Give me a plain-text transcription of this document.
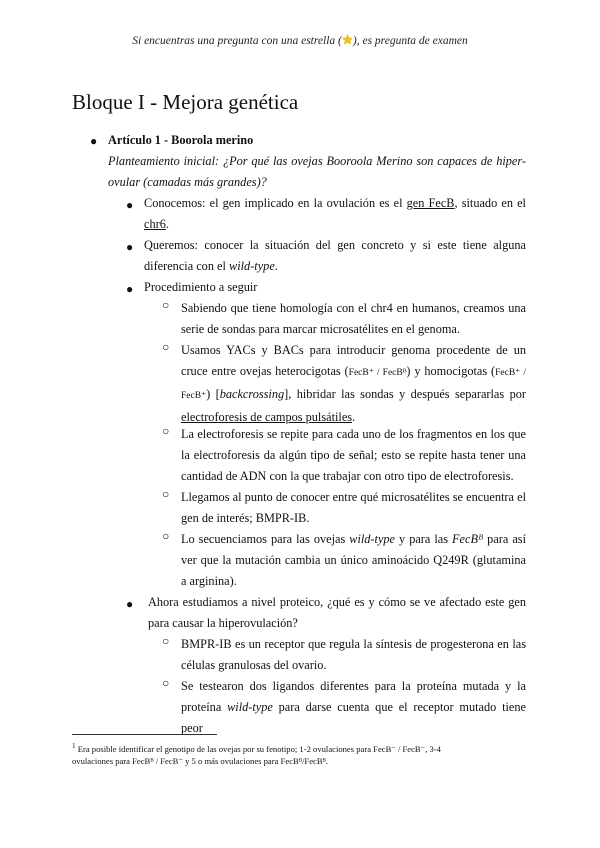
Si encuentras una pregunta con una estrella ( ), es pregunta de examen
Bloque I - Mejora genética
● Artículo 1 - Boorola merino
Planteamiento inicial: ¿Por qué las ovejas Booroola Merino son capaces de hiper-ovular (camadas más grandes)?
● Conocemos: el gen implicado en la ovulación es el gen FecB, situado en el chr6.
● Queremos: conocer la situación del gen concreto y si este tiene alguna diferencia con el wild-type.
● Procedimiento a seguir
○ Sabiendo que tiene homología con el chr4 en humanos, creamos una serie de sondas para marcar microsatélites en el genoma.
○ Usamos YACs y BACs para introducir genoma procedente de un cruce entre ovejas heterocigotas (FecB⁺ / FecBᴮ) y homocigotas (FecB⁺ / FecB⁺) [backcrossing], hibridar las sondas y después separarlas por electroforesis de campos pulsátiles.
○ La electroforesis se repite para cada uno de los fragmentos en los que la electroforesis da algún tipo de señal; esto se repite hasta tener una cantidad de ADN con la que trabajar con otro tipo de electroforesis.
○ Llegamos al punto de conocer entre qué microsatélites se encuentra el gen de interés; BMPR-IB.
○ Lo secuenciamos para las ovejas wild-type y para las FecBᴮ para así ver que la mutación cambia un único aminoácido Q249R (glutamina a arginina).
● Ahora estudiamos a nivel proteico, ¿qué es y cómo se ve afectado este gen para causar la hiperovulación?
○ BMPR-IB es un receptor que regula la síntesis de progesterona en las células granulosas del ovario.
○ Se testearon dos ligandos diferentes para la proteína mutada y la proteína wild-type para darse cuenta que el receptor mutado tiene peor
$^1$ Era posible identificar el genotipo de las ovejas por su fenotipo; 1-2 ovulaciones para FecB⁻ / FecB⁻, 3-4
ovulaciones para FecBᴮ / FecB⁻ y 5 o más ovulaciones para FecBᴮ/FecBᴮ.
